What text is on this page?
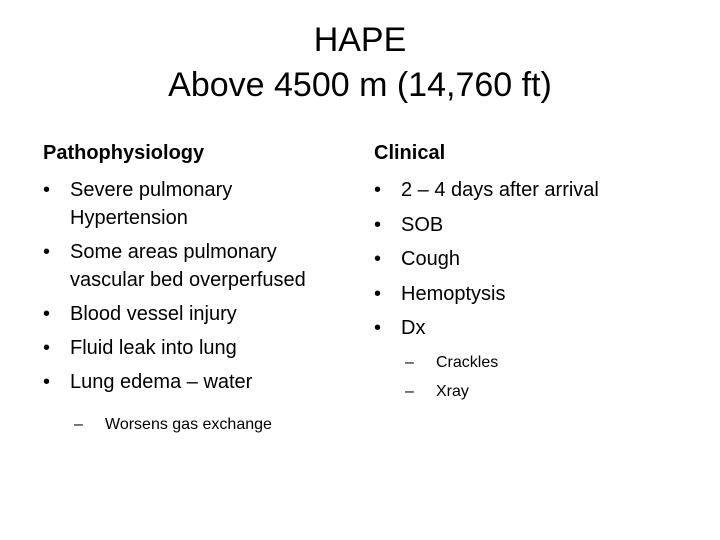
HAPE
Above 4500 m (14,760 ft)
Pathophysiology
• Severe pulmonary Hypertension
• Some areas pulmonary vascular bed overperfused
• Blood vessel injury
• Fluid leak into lung
• Lung edema – water
– Worsens gas exchange
Clinical
• 2 – 4 days after arrival
• SOB
• Cough
• Hemoptysis
• Dx
– Crackles
– Xray
